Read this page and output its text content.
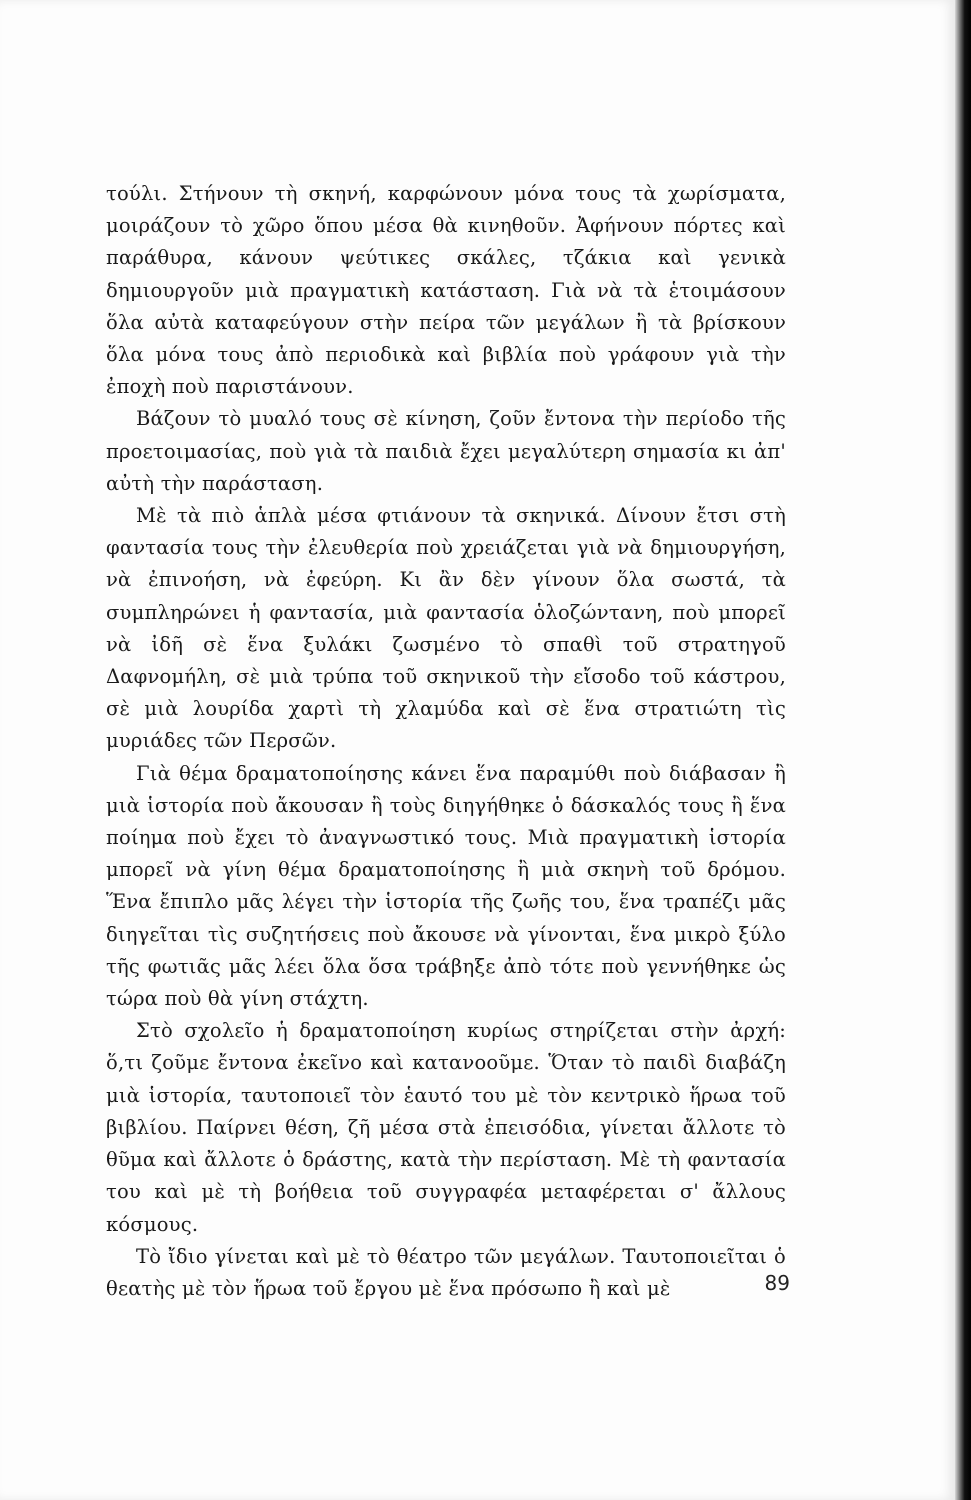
τούλι. Στήνουν τὴ σκηνή, καρφώνουν μόνα τους τὰ χωρίσματα, μοιράζουν τὸ χῶρο ὅπου μέσα θὰ κινηθοῦν. Ἀφήνουν πόρτες καὶ παράθυρα, κάνουν ψεύτικες σκάλες, τζάκια καὶ γενικὰ δημιουργοῦν μιὰ πραγματικὴ κατάσταση. Γιὰ νὰ τὰ ἑτοιμάσουν ὅλα αὐτὰ καταφεύγουν στὴν πείρα τῶν μεγάλων ἢ τὰ βρίσκουν ὅλα μόνα τους ἀπὸ περιοδικὰ καὶ βιβλία ποὺ γράφουν γιὰ τὴν ἐποχὴ ποὺ παριστάνουν.

Βάζουν τὸ μυαλό τους σὲ κίνηση, ζοῦν ἔντονα τὴν περίοδο τῆς προετοιμασίας, ποὺ γιὰ τὰ παιδιὰ ἔχει μεγαλύτερη σημασία κι ἀπ' αὐτὴ τὴν παράσταση.

Μὲ τὰ πιὸ ἁπλὰ μέσα φτιάνουν τὰ σκηνικά. Δίνουν ἔτσι στὴ φαντασία τους τὴν ἐλευθερία ποὺ χρειάζεται γιὰ νὰ δημιουργήση, νὰ ἐπινοήση, νὰ ἐφεύρη. Κι ἂν δὲν γίνουν ὅλα σωστά, τὰ συμπληρώνει ἡ φαντασία, μιὰ φαντασία ὁλοζώντανη, ποὺ μπορεῖ νὰ ἰδῆ σὲ ἕνα ξυλάκι ζωσμένο τὸ σπαθὶ τοῦ στρατηγοῦ Δαφνομήλη, σὲ μιὰ τρύπα τοῦ σκηνικοῦ τὴν εἴσοδο τοῦ κάστρου, σὲ μιὰ λουρίδα χαρτὶ τὴ χλαμύδα καὶ σὲ ἕνα στρατιώτη τὶς μυριάδες τῶν Περσῶν.

Γιὰ θέμα δραματοποίησης κάνει ἕνα παραμύθι ποὺ διάβασαν ἢ μιὰ ἱστορία ποὺ ἄκουσαν ἢ τοὺς διηγήθηκε ὁ δάσκαλός τους ἢ ἕνα ποίημα ποὺ ἔχει τὸ ἀναγνωστικό τους. Μιὰ πραγματικὴ ἱστορία μπορεῖ νὰ γίνη θέμα δραματοποίησης ἢ μιὰ σκηνὴ τοῦ δρόμου. Ἕνα ἔπιπλο μᾶς λέγει τὴν ἱστορία τῆς ζωῆς του, ἕνα τραπέζι μᾶς διηγεῖται τὶς συζητήσεις ποὺ ἄκουσε νὰ γίνονται, ἕνα μικρὸ ξύλο τῆς φωτιᾶς μᾶς λέει ὅλα ὅσα τράβηξε ἀπὸ τότε ποὺ γεννήθηκε ὡς τώρα ποὺ θὰ γίνη στάχτη.

Στὸ σχολεῖο ἡ δραματοποίηση κυρίως στηρίζεται στὴν ἀρχή: ὅ,τι ζοῦμε ἔντονα ἐκεῖνο καὶ κατανοοῦμε. Ὅταν τὸ παιδὶ διαβάζη μιὰ ἱστορία, ταυτοποιεῖ τὸν ἑαυτό του μὲ τὸν κεντρικὸ ἥρωα τοῦ βιβλίου. Παίρνει θέση, ζῆ μέσα στὰ ἐπεισόδια, γίνεται ἄλλοτε τὸ θῦμα καὶ ἄλλοτε ὁ δράστης, κατὰ τὴν περίσταση. Μὲ τὴ φαντασία του καὶ μὲ τὴ βοήθεια τοῦ συγγραφέα μεταφέρεται σ' ἄλλους κόσμους.

Τὸ ἴδιο γίνεται καὶ μὲ τὸ θέατρο τῶν μεγάλων. Ταυτοποιεῖται ὁ θεατὴς μὲ τὸν ἥρωα τοῦ ἔργου μὲ ἕνα πρόσωπο ἢ καὶ μὲ	89
